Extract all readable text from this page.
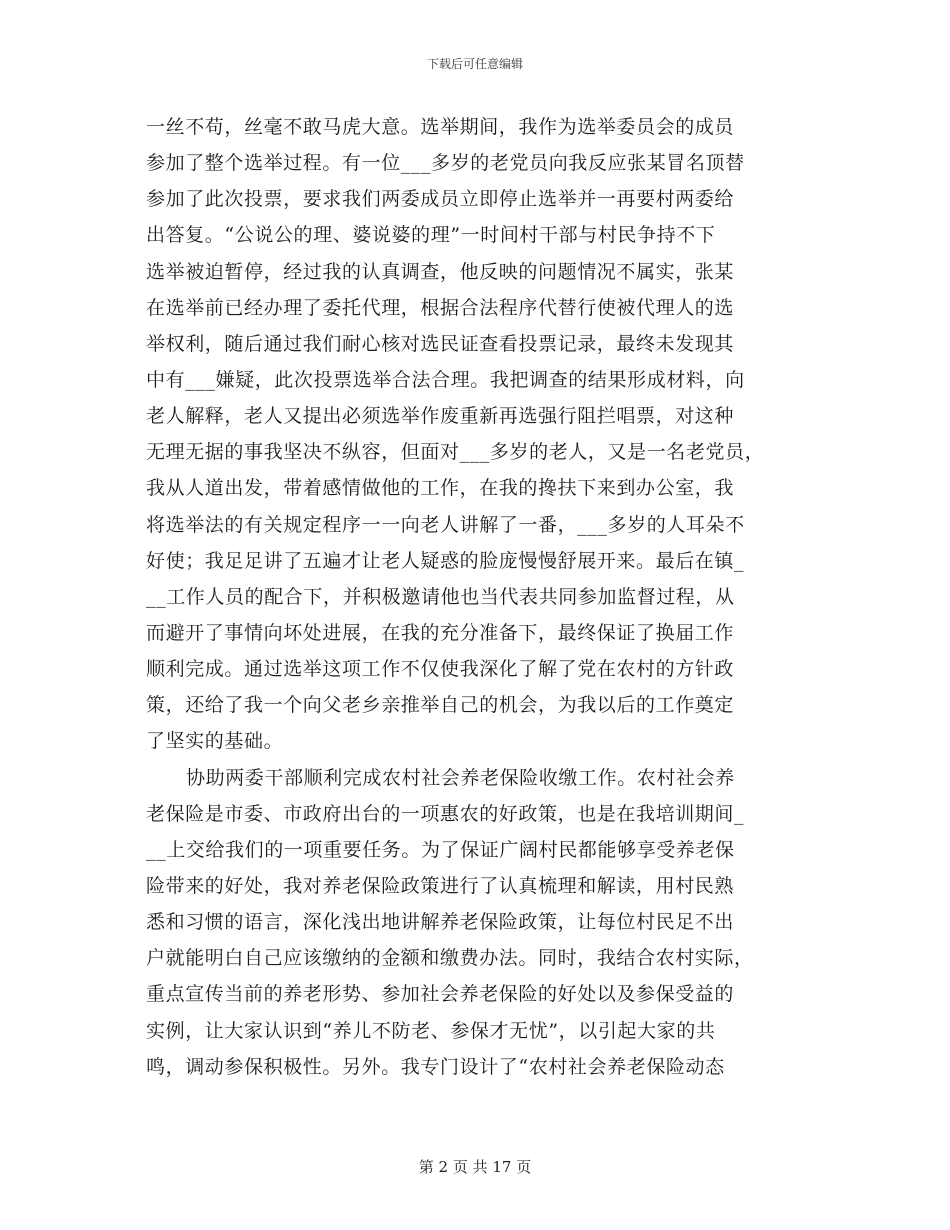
下载后可任意编辑
一丝不苟，丝毫不敢马虎大意。选举期间，我作为选举委员会的成员
参加了整个选举过程。有一位___多岁的老党员向我反应张某冒名顶替
参加了此次投票，要求我们两委成员立即停止选举并一再要村两委给
出答复。“公说公的理、婆说婆的理”一时间村干部与村民争持不下
选举被迫暂停，经过我的认真调查，他反映的问题情况不属实，张某
在选举前已经办理了委托代理，根据合法程序代替行使被代理人的选
举权利，随后通过我们耐心核对选民证查看投票记录，最终未发现其
中有___嫌疑，此次投票选举合法合理。我把调查的结果形成材料，向
老人解释，老人又提出必须选举作废重新再选强行阻拦唱票，对这种
无理无据的事我坚决不纵容，但面对___多岁的老人，又是一名老党员，
我从人道出发，带着感情做他的工作，在我的搀扶下来到办公室，我
将选举法的有关规定程序一一向老人讲解了一番，___多岁的人耳朵不
好使；我足足讲了五遍才让老人疑惑的脸庞慢慢舒展开来。最后在镇_
__工作人员的配合下，并积极邀请他也当代表共同参加监督过程，从
而避开了事情向坏处进展，在我的充分准备下，最终保证了换届工作
顺利完成。通过选举这项工作不仅使我深化了解了党在农村的方针政
策，还给了我一个向父老乡亲推举自己的机会，为我以后的工作奠定
了坚实的基础。
协助两委干部顺利完成农村社会养老保险收缴工作。农村社会养
老保险是市委、市政府出台的一项惠农的好政策，也是在我培训期间_
__上交给我们的一项重要任务。为了保证广阔村民都能够享受养老保
险带来的好处，我对养老保险政策进行了认真梳理和解读，用村民熟
悉和习惯的语言，深化浅出地讲解养老保险政策，让每位村民足不出
户就能明白自己应该缴纳的金额和缴费办法。同时，我结合农村实际，
重点宣传当前的养老形势、参加社会养老保险的好处以及参保受益的
实例，让大家认识到“养儿不防老、参保才无忧”，以引起大家的共
鸣，调动参保积极性。另外。我专门设计了“农村社会养老保险动态
第 2 页 共 17 页
